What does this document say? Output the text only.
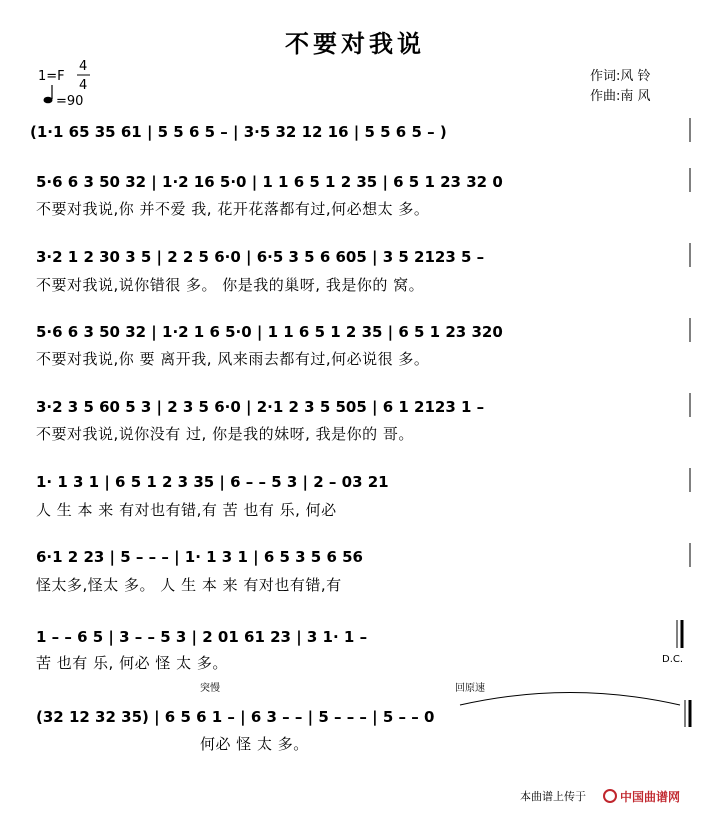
不要对我说
1=F
4
4
=90
作词:风 铃
作曲:南 风
(1·1 65 35 61 | 5 5 6 5 – | 3·5 32 12 16 | 5 5 6 5 – )
5·6 6 3 50 32 | 1·2 16 5·0 | 1 1 6 5 1 2 35 | 6 5 1 23 32 0
不要对我说,你 并不爱 我, 花开花落都有过,何必想太 多。
3·2 1 2 30 3 5 | 2 2 5 6·0 | 6·5 3 5 6 605 | 3 5 2123 5 –
不要对我说,说你错很 多。 你是我的巢呀, 我是你的 窝。
5·6 6 3 50 32 | 1·2 1 6 5·0 | 1 1 6 5 1 2 35 | 6 5 1 23 320
不要对我说,你 要 离开我, 风来雨去都有过,何必说很 多。
3·2 3 5 60 5 3 | 2 3 5 6·0 | 2·1 2 3 5 505 | 6 1 2123 1 –
不要对我说,说你没有 过, 你是我的妹呀, 我是你的 哥。
1· 1 3 1 | 6 5 1 2 3 35 | 6 – – 5 3 | 2 – 03 21
人 生 本 来 有对也有错,有 苦 也有 乐, 何必
6·1 2 23 | 5 – – – | 1· 1 3 1 | 6 5 3 5 6 56
怪太多,怪太 多。 人 生 本 来 有对也有错,有
1 – – 6 5 | 3 – – 5 3 | 2 01 61 23 | 3 1· 1 –
苦 也有 乐, 何必 怪 太 多。	D.C.
突慢	回原速
(32 12 32 35) | 6 5 6 1 – | 6 3 – – | 5 – – – | 5 – – 0
何必 怪 太 多。
本曲谱上传于	中国曲谱网
